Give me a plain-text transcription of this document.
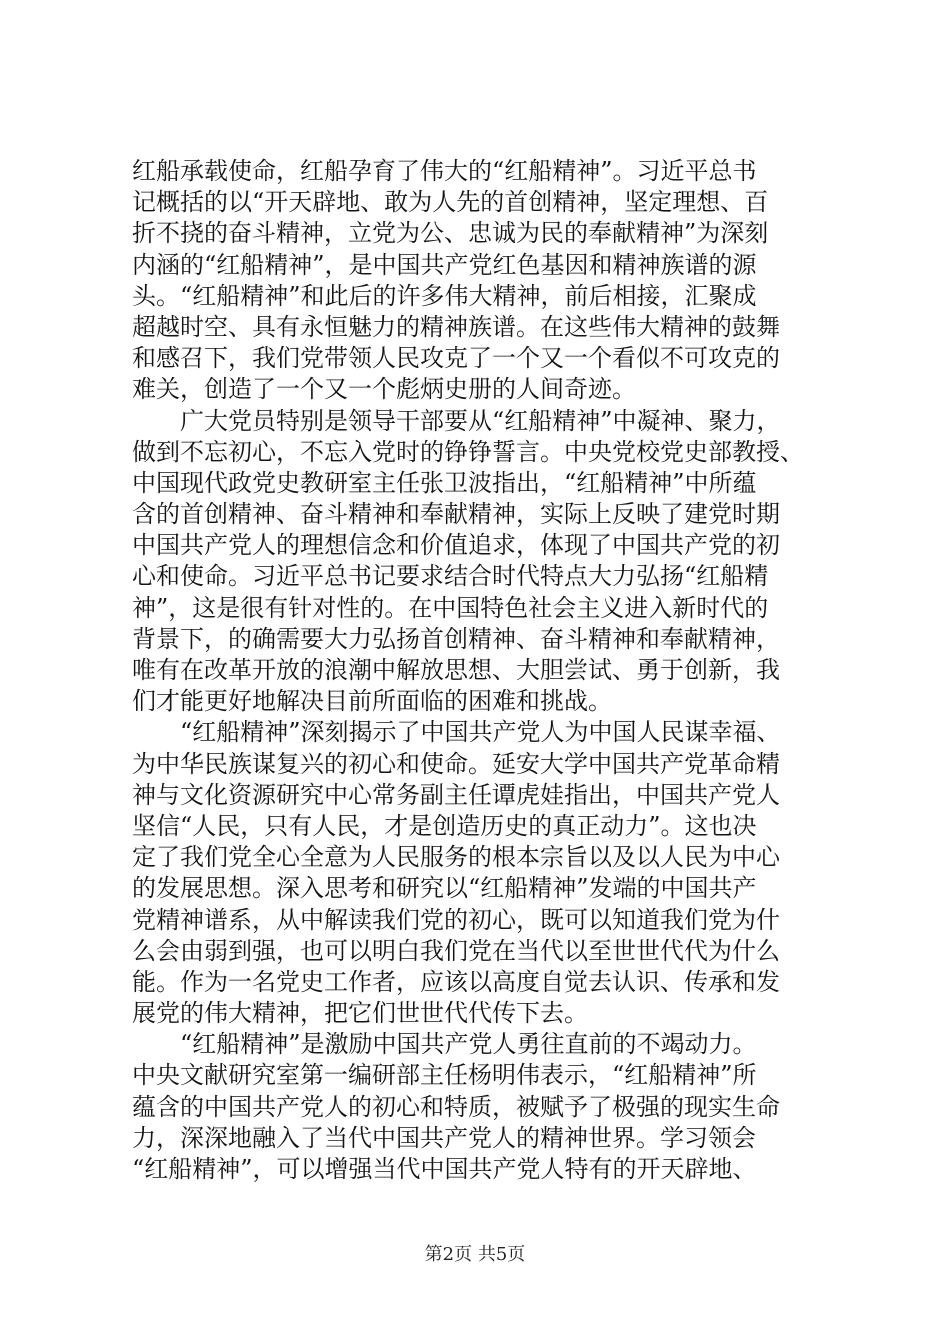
红船承载使命，红船孕育了伟大的“红船精神”。习近平总书
记概括的以“开天辟地、敢为人先的首创精神，坚定理想、百
折不挠的奋斗精神，立党为公、忠诚为民的奉献精神”为深刻
内涵的“红船精神”，是中国共产党红色基因和精神族谱的源
头。“红船精神”和此后的许多伟大精神，前后相接，汇聚成
超越时空、具有永恒魅力的精神族谱。在这些伟大精神的鼓舞
和感召下，我们党带领人民攻克了一个又一个看似不可攻克的
难关，创造了一个又一个彪炳史册的人间奇迹。
广大党员特别是领导干部要从“红船精神”中凝神、聚力，
做到不忘初心，不忘入党时的铮铮誓言。中央党校党史部教授、
中国现代政党史教研室主任张卫波指出，“红船精神”中所蕴
含的首创精神、奋斗精神和奉献精神，实际上反映了建党时期
中国共产党人的理想信念和价值追求，体现了中国共产党的初
心和使命。习近平总书记要求结合时代特点大力弘扬“红船精
神”，这是很有针对性的。在中国特色社会主义进入新时代的
背景下，的确需要大力弘扬首创精神、奋斗精神和奉献精神，
唯有在改革开放的浪潮中解放思想、大胆尝试、勇于创新，我
们才能更好地解决目前所面临的困难和挑战。
“红船精神”深刻揭示了中国共产党人为中国人民谋幸福、
为中华民族谋复兴的初心和使命。延安大学中国共产党革命精
神与文化资源研究中心常务副主任谭虎娃指出，中国共产党人
坚信“人民，只有人民，才是创造历史的真正动力”。这也决
定了我们党全心全意为人民服务的根本宗旨以及以人民为中心
的发展思想。深入思考和研究以“红船精神”发端的中国共产
党精神谱系，从中解读我们党的初心，既可以知道我们党为什
么会由弱到强，也可以明白我们党在当代以至世世代代为什么
能。作为一名党史工作者，应该以高度自觉去认识、传承和发
展党的伟大精神，把它们世世代代传下去。
“红船精神”是激励中国共产党人勇往直前的不竭动力。
中央文献研究室第一编研部主任杨明伟表示，“红船精神”所
蕴含的中国共产党人的初心和特质，被赋予了极强的现实生命
力，深深地融入了当代中国共产党人的精神世界。学习领会
“红船精神”，可以增强当代中国共产党人特有的开天辟地、
第2页 共5页
